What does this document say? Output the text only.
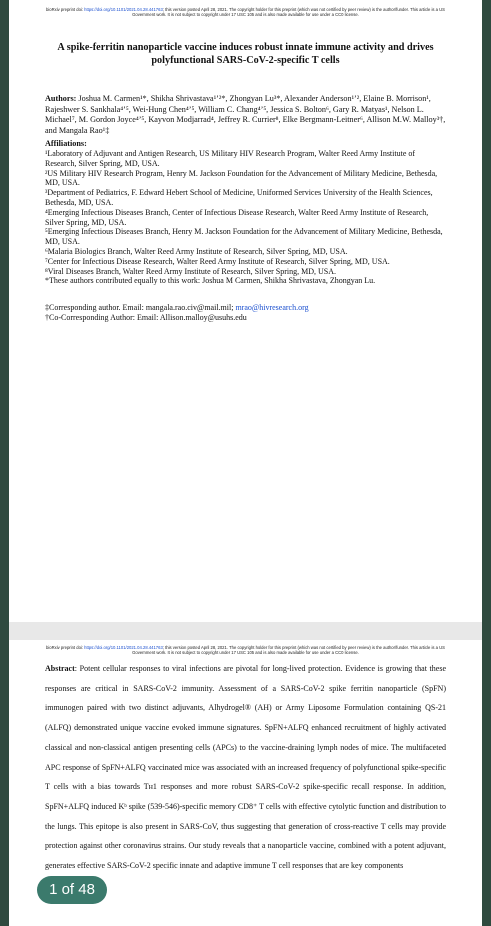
bioRxiv preprint doi: https://doi.org/10.1101/2021.04.28.441763; this version posted April 28, 2021. The copyright holder for this preprint (which was not certified by peer review) is the author/funder. This article is a US Government work. It is not subject to copyright under 17 USC 105 and is also made available for use under a CC0 license.
A spike-ferritin nanoparticle vaccine induces robust innate immune activity and drives polyfunctional SARS-CoV-2-specific T cells
Authors: Joshua M. Carmen¹*, Shikha Shrivastava¹ʼ²*, Zhongyan Lu³*, Alexander Anderson¹ʼ², Elaine B. Morrison¹, Rajeshwer S. Sankhala⁴ʼ⁵, Wei-Hung Chen⁴ʼ⁵, William C. Chang⁴ʼ⁵, Jessica S. Bolton⁶, Gary R. Matyas¹, Nelson L. Michael⁷, M. Gordon Joyce⁴ʼ⁵, Kayvon Modjarrad⁴, Jeffrey R. Currier⁸, Elke Bergmann-Leitner⁶, Allison M.W. Malloy³†, and Mangala Rao¹‡
Affiliations:
¹Laboratory of Adjuvant and Antigen Research, US Military HIV Research Program, Walter Reed Army Institute of Research, Silver Spring, MD, USA.
²US Military HIV Research Program, Henry M. Jackson Foundation for the Advancement of Military Medicine, Bethesda, MD, USA.
³Department of Pediatrics, F. Edward Hebert School of Medicine, Uniformed Services University of the Health Sciences, Bethesda, MD, USA.
⁴Emerging Infectious Diseases Branch, Center of Infectious Disease Research, Walter Reed Army Institute of Research, Silver Spring, MD, USA.
⁵Emerging Infectious Diseases Branch, Henry M. Jackson Foundation for the Advancement of Military Medicine, Bethesda, MD, USA.
⁶Malaria Biologics Branch, Walter Reed Army Institute of Research, Silver Spring, MD, USA.
⁷Center for Infectious Disease Research, Walter Reed Army Institute of Research, Silver Spring, MD, USA.
⁸Viral Diseases Branch, Walter Reed Army Institute of Research, Silver Spring, MD, USA.
*These authors contributed equally to this work: Joshua M Carmen, Shikha Shrivastava, Zhongyan Lu.
‡Corresponding author. Email: mangala.rao.civ@mail.mil; mrao@hivresearch.org
†Co-Corresponding Author: Email: Allison.malloy@usuhs.edu
bioRxiv preprint doi: https://doi.org/10.1101/2021.04.28.441763; this version posted April 28, 2021. The copyright holder for this preprint (which was not certified by peer review) is the author/funder. This article is a US Government work. It is not subject to copyright under 17 USC 105 and is also made available for use under a CC0 license.
Abstract: Potent cellular responses to viral infections are pivotal for long-lived protection. Evidence is growing that these responses are critical in SARS-CoV-2 immunity. Assessment of a SARS-CoV-2 spike ferritin nanoparticle (SpFN) immunogen paired with two distinct adjuvants, Alhydrogel® (AH) or Army Liposome Formulation containing QS-21 (ALFQ) demonstrated unique vaccine evoked immune signatures. SpFN+ALFQ enhanced recruitment of highly activated classical and non-classical antigen presenting cells (APCs) to the vaccine-draining lymph nodes of mice. The multifaceted APC response of SpFN+ALFQ vaccinated mice was associated with an increased frequency of polyfunctional spike-specific T cells with a bias towards Tʜ1 responses and more robust SARS-CoV-2 spike-specific recall response. In addition, SpFN+ALFQ induced Kᵇ spike (539-546)-specific memory CD8⁺ T cells with effective cytolytic function and distribution to the lungs. This epitope is also present in SARS-CoV, thus suggesting that generation of cross-reactive T cells may provide protection against other coronavirus strains. Our study reveals that a nanoparticle vaccine, combined with a potent adjuvant, generates effective SARS-CoV-2 specific innate and adaptive immune T cell responses that are key components
1 of 48
